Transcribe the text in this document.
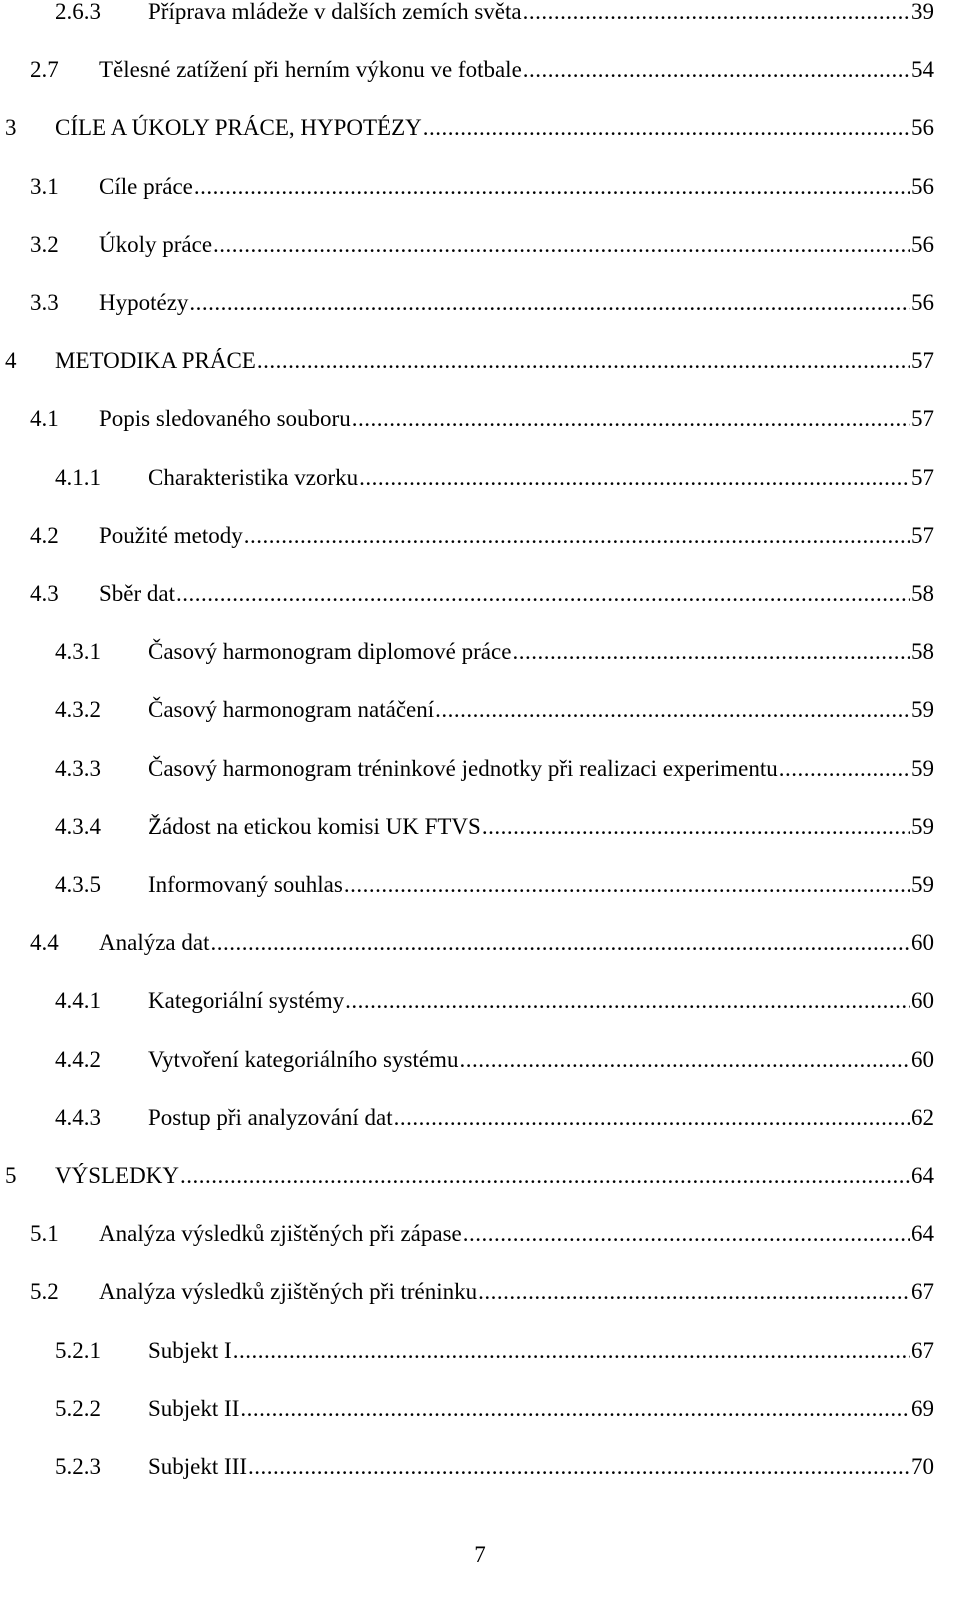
2.6.3	Příprava mládeže v dalších zemích světa .....	39
2.7	Tělesné zatížení při herním výkonu ve fotbale .....	54
3	CÍLE A ÚKOLY PRÁCE, HYPOTÉZY .....	56
3.1	Cíle práce .....	56
3.2	Úkoly práce .....	56
3.3	Hypotézy .....	56
4	METODIKA PRÁCE .....	57
4.1	Popis sledovaného souboru .....	57
4.1.1	Charakteristika vzorku .....	57
4.2	Použité metody .....	57
4.3	Sběr dat .....	58
4.3.1	Časový harmonogram diplomové práce .....	58
4.3.2	Časový harmonogram natáčení .....	59
4.3.3	Časový harmonogram tréninkové jednotky při realizaci experimentu .....	59
4.3.4	Žádost na etickou komisi UK FTVS .....	59
4.3.5	Informovaný souhlas .....	59
4.4	Analýza dat .....	60
4.4.1	Kategoriální systémy .....	60
4.4.2	Vytvoření kategoriálního systému .....	60
4.4.3	Postup při analyzování dat .....	62
5	VÝSLEDKY .....	64
5.1	Analýza výsledků zjištěných při zápase .....	64
5.2	Analýza výsledků zjištěných při tréninku .....	67
5.2.1	Subjekt I .....	67
5.2.2	Subjekt II .....	69
5.2.3	Subjekt III .....	70
7
